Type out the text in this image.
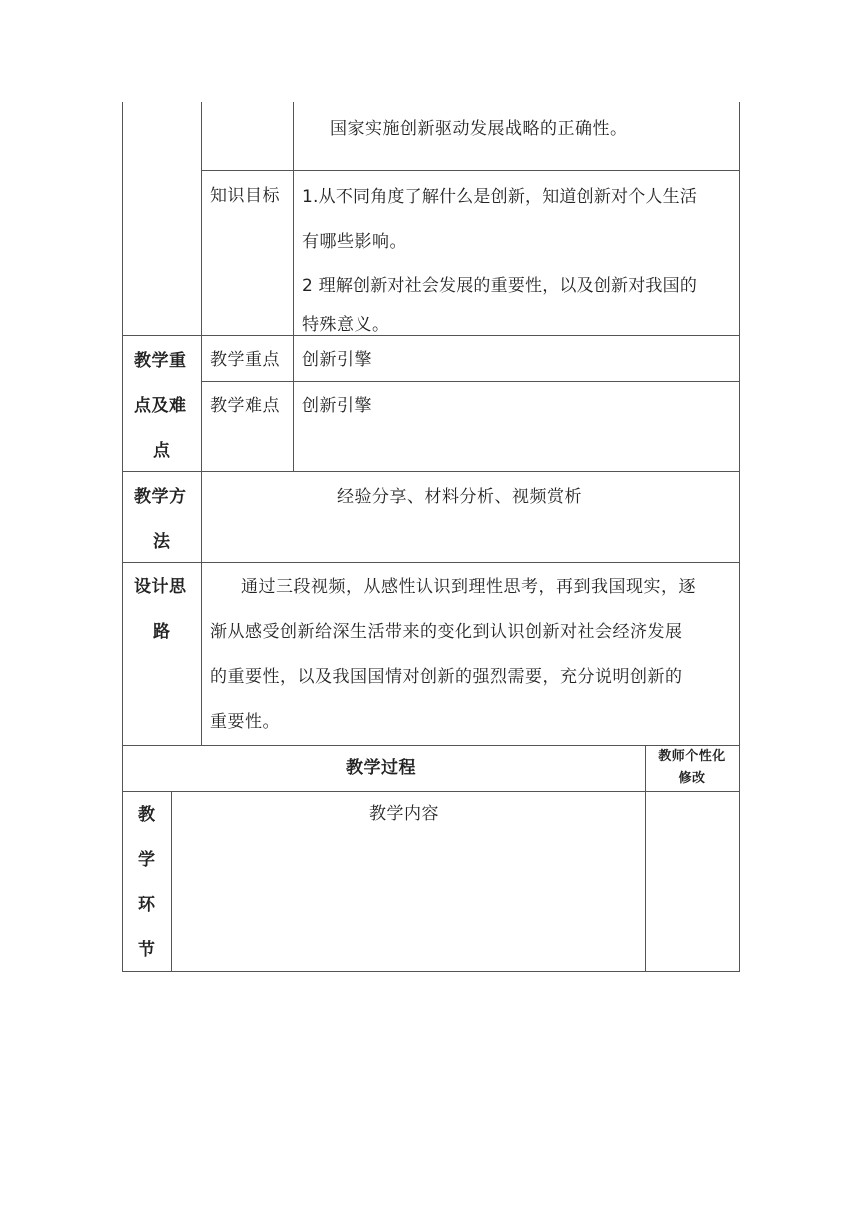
国家实施创新驱动发展战略的正确性。
知识目标 1.从不同角度了解什么是创新，知道创新对个人生活
有哪些影响。
2 理解创新对社会发展的重要性，以及创新对我国的
特殊意义。
教学重
点及难
点
教学重点 创新引擎
教学难点 创新引擎
教学方
法
经验分享、材料分析、视频赏析
设计思
路
通过三段视频，从感性认识到理性思考，再到我国现实，逐
渐从感受创新给深生活带来的变化到认识创新对社会经济发展
的重要性，以及我国国情对创新的强烈需要，充分说明创新的
重要性。
教学过程
教师个性化
修改
教
学
环
节
教学内容
